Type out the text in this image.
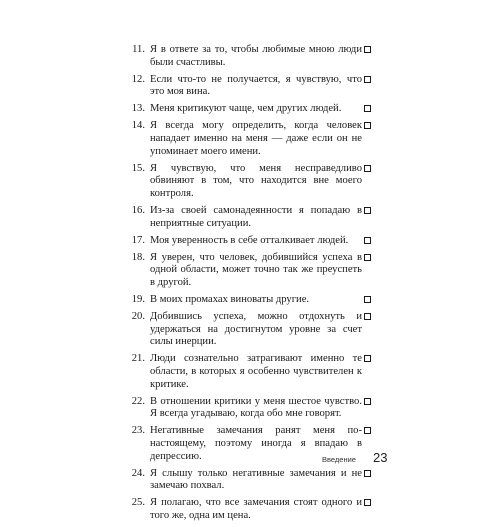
11. Я в ответе за то, чтобы любимые мною люди были счастливы.
12. Если что-то не получается, я чувствую, что это моя вина.
13. Меня критикуют чаще, чем других людей.
14. Я всегда могу определить, когда человек нападает именно на меня — даже если он не упоминает моего имени.
15. Я чувствую, что меня несправедливо обвиняют в том, что находится вне моего контроля.
16. Из-за своей самонадеянности я попадаю в неприятные ситуации.
17. Моя уверенность в себе отталкивает людей.
18. Я уверен, что человек, добившийся успеха в одной области, может точно так же преуспеть в другой.
19. В моих промахах виноваты другие.
20. Добившись успеха, можно отдохнуть и удержаться на достигнутом уровне за счет силы инерции.
21. Люди сознательно затрагивают именно те области, в которых я особенно чувствителен к критике.
22. В отношении критики у меня шестое чувство. Я всегда угадываю, когда обо мне говорят.
23. Негативные замечания ранят меня по-настоящему, поэтому иногда я впадаю в депрессию.
24. Я слышу только негативные замечания и не замечаю похвал.
25. Я полагаю, что все замечания стоят одного и того же, одна им цена.
Введение 23
